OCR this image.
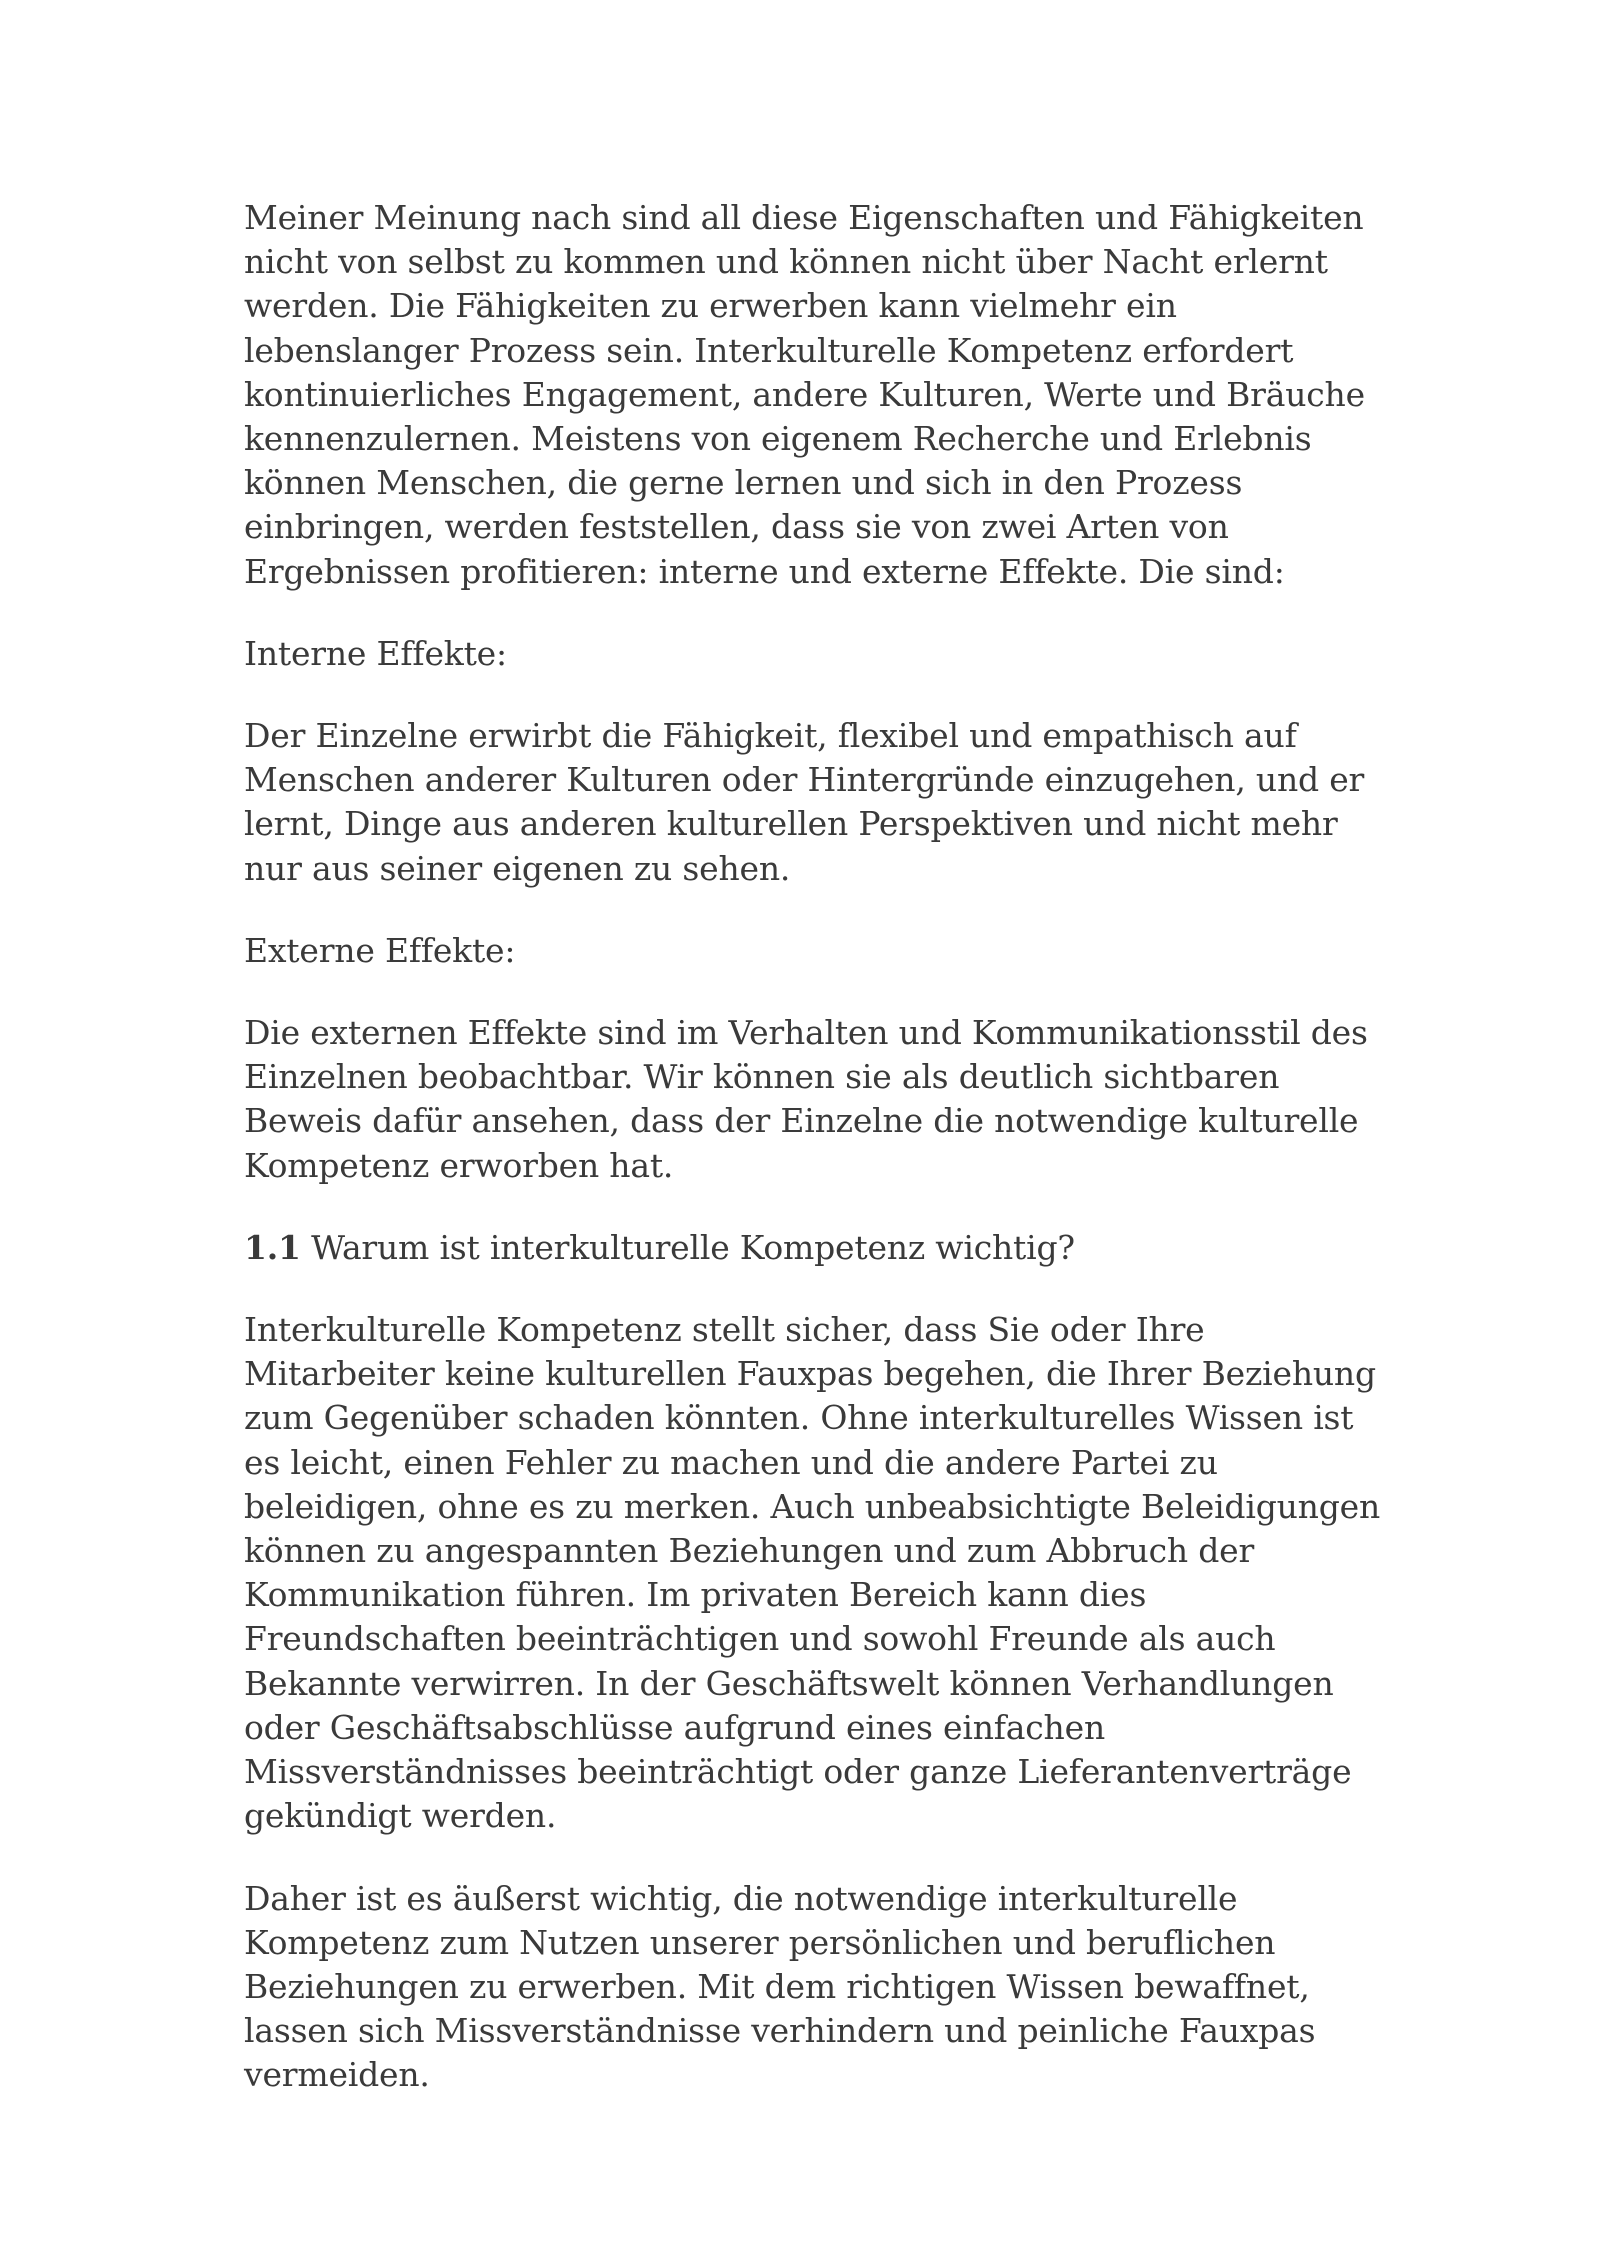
Meiner Meinung nach sind all diese Eigenschaften und Fähigkeiten nicht von selbst zu kommen und können nicht über Nacht erlernt werden. Die Fähigkeiten zu erwerben kann vielmehr ein lebenslanger Prozess sein. Interkulturelle Kompetenz erfordert kontinuierliches Engagement, andere Kulturen, Werte und Bräuche kennenzulernen. Meistens von eigenem Recherche und Erlebnis können Menschen, die gerne lernen und sich in den Prozess einbringen, werden feststellen, dass sie von zwei Arten von Ergebnissen profitieren: interne und externe Effekte. Die sind:

Interne Effekte:

Der Einzelne erwirbt die Fähigkeit, flexibel und empathisch auf Menschen anderer Kulturen oder Hintergründe einzugehen, und er lernt, Dinge aus anderen kulturellen Perspektiven und nicht mehr nur aus seiner eigenen zu sehen.

Externe Effekte:

Die externen Effekte sind im Verhalten und Kommunikationsstil des Einzelnen beobachtbar. Wir können sie als deutlich sichtbaren Beweis dafür ansehen, dass der Einzelne die notwendige kulturelle Kompetenz erworben hat.

1.1 Warum ist interkulturelle Kompetenz wichtig?

Interkulturelle Kompetenz stellt sicher, dass Sie oder Ihre Mitarbeiter keine kulturellen Fauxpas begehen, die Ihrer Beziehung zum Gegenüber schaden könnten. Ohne interkulturelles Wissen ist es leicht, einen Fehler zu machen und die andere Partei zu beleidigen, ohne es zu merken. Auch unbeabsichtigte Beleidigungen können zu angespannten Beziehungen und zum Abbruch der Kommunikation führen. Im privaten Bereich kann dies Freundschaften beeinträchtigen und sowohl Freunde als auch Bekannte verwirren. In der Geschäftswelt können Verhandlungen oder Geschäftsabschlüsse aufgrund eines einfachen Missverständnisses beeinträchtigt oder ganze Lieferantenverträge gekündigt werden.

Daher ist es äußerst wichtig, die notwendige interkulturelle Kompetenz zum Nutzen unserer persönlichen und beruflichen Beziehungen zu erwerben. Mit dem richtigen Wissen bewaffnet, lassen sich Missverständnisse verhindern und peinliche Fauxpas vermeiden.
